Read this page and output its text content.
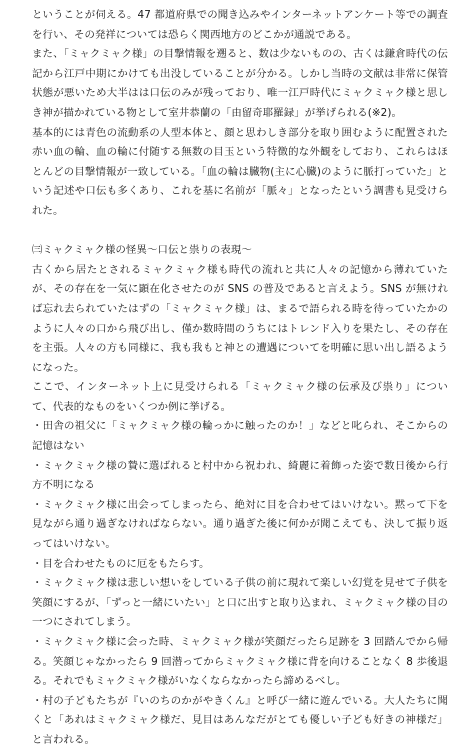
ということが伺える。47 都道府県での聞き込みやインターネットアンケート等での調査を行い、その発祥については恐らく関西地方のどこかが通説である。

また、「ミャクミャク様」の目撃情報を遡ると、数は少ないものの、古くは鎌倉時代の伝記から江戸中期にかけても出没していることが分かる。しかし当時の文献は非常に保管状態が悪いため大半はは口伝のみが残っており、唯一江戸時代にミャクミャク様と思しき神が描かれている物として室井恭蘭の「由留奇耶羅録」が挙げられる(※2)。

基本的には青色の流動系の人型本体と、顔と思わしき部分を取り囲むように配置された赤い血の輪、血の輪に付随する無数の目玉という特徴的な外観をしており、これらはほとんどの目撃情報が一致している。「血の輪は臓物(主に心臓)のように脈打っていた」という記述や口伝も多くあり、これを基に名前が「脈々」となったという調書も見受けられた。

㈢ミャクミャク様の怪異〜口伝と祟りの表現〜

古くから居たとされるミャクミャク様も時代の流れと共に人々の記憶から薄れていたが、その存在を一気に顕在化させたのが SNS の普及であると言えよう。SNS が無ければ忘れ去られていたはずの「ミャクミャク様」は、まるで語られる時を待っていたかのように人々の口から飛び出し、僅か数時間のうちにはトレンド入りを果たし、その存在を主張。人々の方も同様に、我も我もと神との遭遇についてを明確に思い出し語るようになった。

ここで、インターネット上に見受けられる「ミャクミャク様の伝承及び祟り」について、代表的なものをいくつか例に挙げる。

・田舎の祖父に「ミャクミャク様の輪っかに触ったのか！」などと叱られ、そこからの記憶はない

・ミャクミャク様の贄に選ばれると村中から祝われ、綺麗に着飾った姿で数日後から行方不明になる

・ミャクミャク様に出会ってしまったら、絶対に目を合わせてはいけない。黙って下を見ながら通り過ぎなければならない。通り過ぎた後に何かが聞こえても、決して振り返ってはいけない。

・目を合わせたものに厄をもたらす。

・ミャクミャク様は悲しい想いをしている子供の前に現れて楽しい幻覚を見せて子供を笑顔にするが、「ずっと一緒にいたい」と口に出すと取り込まれ、ミャクミャク様の目の一つにされてしまう。

・ミャクミャク様に会った時、ミャクミャク様が笑顔だったら足跡を 3 回踏んでから帰る。笑顔じゃなかったら 9 回潜ってからミャクミャク様に背を向けることなく 8 歩後退る。それでもミャクミャク様がいなくならなかったら諦めるべし。

・村の子どもたちが『いのちのかがやきくん』と呼び一緒に遊んでいる。大人たちに聞くと「あれはミャクミャク様だ、見目はあんなだがとても優しい子ども好きの神様だ」と言われる。
